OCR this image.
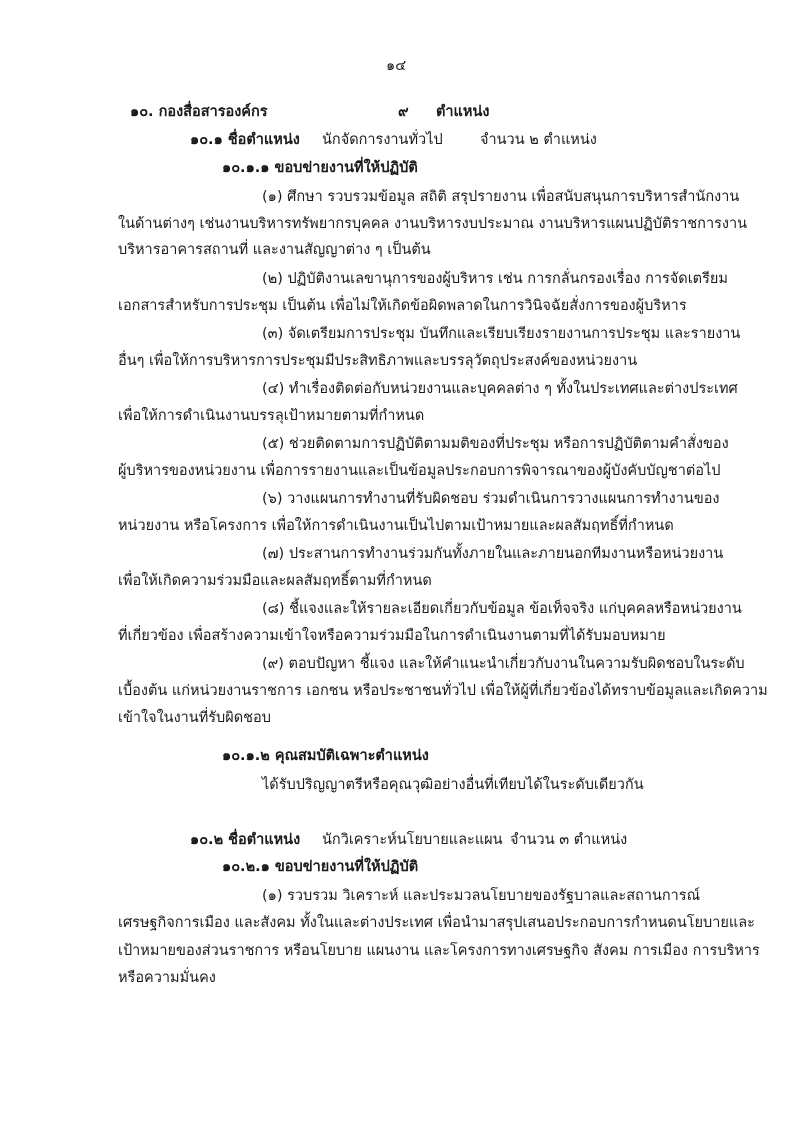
๑๔
๑๐. กองสื่อสารองค์กร	๙ ตำแหน่ง
๑๐.๑ ชื่อตำแหน่ง นักจัดการงานทั่วไป	จำนวน ๒ ตำแหน่ง
๑๐.๑.๑ ขอบข่ายงานที่ให้ปฏิบัติ
(๑) ศึกษา รวบรวมข้อมูล สถิติ สรุปรายงาน เพื่อสนับสนุนการบริหารสำนักงาน
ในด้านต่างๆ เช่นงานบริหารทรัพยากรบุคคล งานบริหารงบประมาณ งานบริหารแผนปฏิบัติราชการงาน
บริหารอาคารสถานที่ และงานสัญญาต่าง ๆ เป็นต้น
(๒) ปฏิบัติงานเลขานุการของผู้บริหาร เช่น การกลั่นกรองเรื่อง การจัดเตรียม
เอกสารสำหรับการประชุม เป็นต้น เพื่อไม่ให้เกิดข้อผิดพลาดในการวินิจฉัยสั่งการของผู้บริหาร
(๓) จัดเตรียมการประชุม บันทึกและเรียบเรียงรายงานการประชุม และรายงาน
อื่นๆ เพื่อให้การบริหารการประชุมมีประสิทธิภาพและบรรลุวัตถุประสงค์ของหน่วยงาน
(๔) ทำเรื่องติดต่อกับหน่วยงานและบุคคลต่าง ๆ ทั้งในประเทศและต่างประเทศ
เพื่อให้การดำเนินงานบรรลุเป้าหมายตามที่กำหนด
(๕) ช่วยติดตามการปฏิบัติตามมติของที่ประชุม หรือการปฏิบัติตามคำสั่งของ
ผู้บริหารของหน่วยงาน เพื่อการรายงานและเป็นข้อมูลประกอบการพิจารณาของผู้บังคับบัญชาต่อไป
(๖) วางแผนการทำงานที่รับผิดชอบ ร่วมดำเนินการวางแผนการทำงานของ
หน่วยงาน หรือโครงการ เพื่อให้การดำเนินงานเป็นไปตามเป้าหมายและผลสัมฤทธิ์ที่กำหนด
(๗) ประสานการทำงานร่วมกันทั้งภายในและภายนอกทีมงานหรือหน่วยงาน
เพื่อให้เกิดความร่วมมือและผลสัมฤทธิ์ตามที่กำหนด
(๘) ชี้แจงและให้รายละเอียดเกี่ยวกับข้อมูล ข้อเท็จจริง แก่บุคคลหรือหน่วยงาน
ที่เกี่ยวข้อง เพื่อสร้างความเข้าใจหรือความร่วมมือในการดำเนินงานตามที่ได้รับมอบหมาย
(๙) ตอบปัญหา ชี้แจง และให้คำแนะนำเกี่ยวกับงานในความรับผิดชอบในระดับ
เบื้องต้น แก่หน่วยงานราชการ เอกชน หรือประชาชนทั่วไป เพื่อให้ผู้ที่เกี่ยวข้องได้ทราบข้อมูลและเกิดความ
เข้าใจในงานที่รับผิดชอบ
๑๐.๑.๒ คุณสมบัติเฉพาะตำแหน่ง
ได้รับปริญญาตรีหรือคุณวุฒิอย่างอื่นที่เทียบได้ในระดับเดียวกัน
๑๐.๒ ชื่อตำแหน่ง นักวิเคราะห์นโยบายและแผน จำนวน ๓ ตำแหน่ง
๑๐.๒.๑ ขอบข่ายงานที่ให้ปฏิบัติ
(๑) รวบรวม วิเคราะห์ และประมวลนโยบายของรัฐบาลและสถานการณ์
เศรษฐกิจการเมือง และสังคม ทั้งในและต่างประเทศ เพื่อนำมาสรุปเสนอประกอบการกำหนดนโยบายและ
เป้าหมายของส่วนราชการ หรือนโยบาย แผนงาน และโครงการทางเศรษฐกิจ สังคม การเมือง การบริหาร
หรือความมั่นคง
